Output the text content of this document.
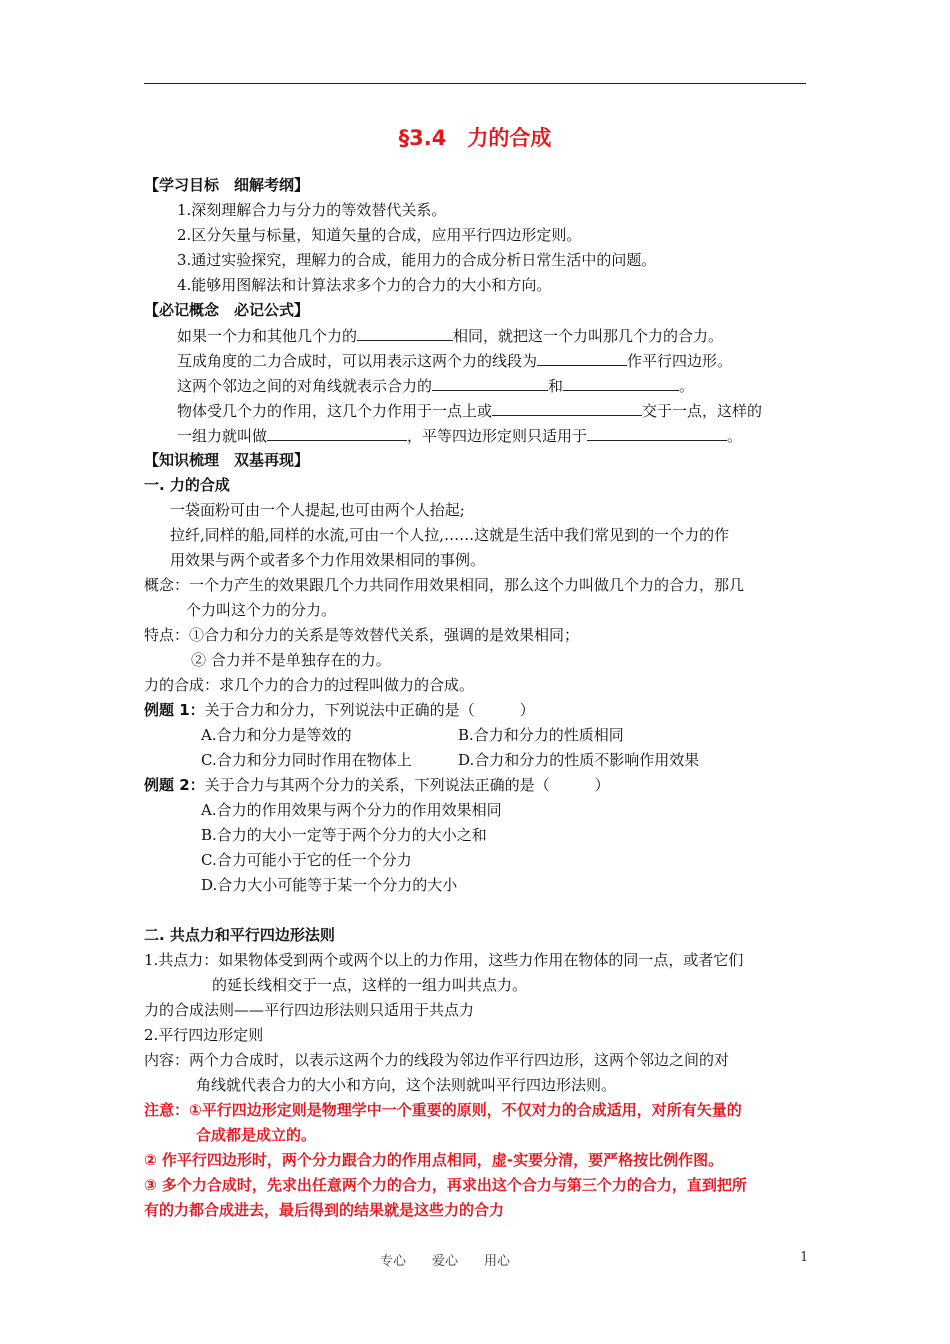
§3.4　力的合成
【学习目标　细解考纲】
1.深刻理解合力与分力的等效替代关系。
2.区分矢量与标量，知道矢量的合成，应用平行四边形定则。
3.通过实验探究，理解力的合成，能用力的合成分析日常生活中的问题。
4.能够用图解法和计算法求多个力的合力的大小和方向。
【必记概念　必记公式】
如果一个力和其他几个力的	相同，就把这一个力叫那几个力的合力。
互成角度的二力合成时，可以用表示这两个力的线段为	作平行四边形。
这两个邻边之间的对角线就表示合力的	和	。
物体受几个力的作用，这几个力作用于一点上或	交于一点，这样的
一组力就叫做	，平等四边形定则只适用于	。
【知识梳理　双基再现】
一. 力的合成
一袋面粉可由一个人提起,也可由两个人抬起;
拉纤,同样的船,同样的水流,可由一个人拉,……这就是生活中我们常见到的一个力的作
用效果与两个或者多个力作用效果相同的事例。
概念：一个力产生的效果跟几个力共同作用效果相同，那么这个力叫做几个力的合力，那几
个力叫这个力的分力。
特点：①合力和分力的关系是等效替代关系，强调的是效果相同；
② 合力并不是单独存在的力。
力的合成：求几个力的合力的过程叫做力的合成。
例题 1：关于合力和分力，下列说法中正确的是（　　　）
A.合力和分力是等效的	B.合力和分力的性质相同
C.合力和分力同时作用在物体上	D.合力和分力的性质不影响作用效果
例题 2：关于合力与其两个分力的关系，下列说法正确的是（　　　）
A.合力的作用效果与两个分力的作用效果相同
B.合力的大小一定等于两个分力的大小之和
C.合力可能小于它的任一个分力
D.合力大小可能等于某一个分力的大小
二. 共点力和平行四边形法则
1.共点力：如果物体受到两个或两个以上的力作用，这些力作用在物体的同一点，或者它们
的延长线相交于一点，这样的一组力叫共点力。
力的合成法则——平行四边形法则只适用于共点力
2.平行四边形定则
内容：两个力合成时，以表示这两个力的线段为邻边作平行四边形，这两个邻边之间的对
角线就代表合力的大小和方向，这个法则就叫平行四边形法则。
注意：①平行四边形定则是物理学中一个重要的原则，不仅对力的合成适用，对所有矢量的
合成都是成立的。
② 作平行四边形时，两个分力跟合力的作用点相同，虚-实要分清，要严格按比例作图。
③ 多个力合成时，先求出任意两个力的合力，再求出这个合力与第三个力的合力，直到把所
有的力都合成进去，最后得到的结果就是这些力的合力
专心　　爱心　　用心	1
